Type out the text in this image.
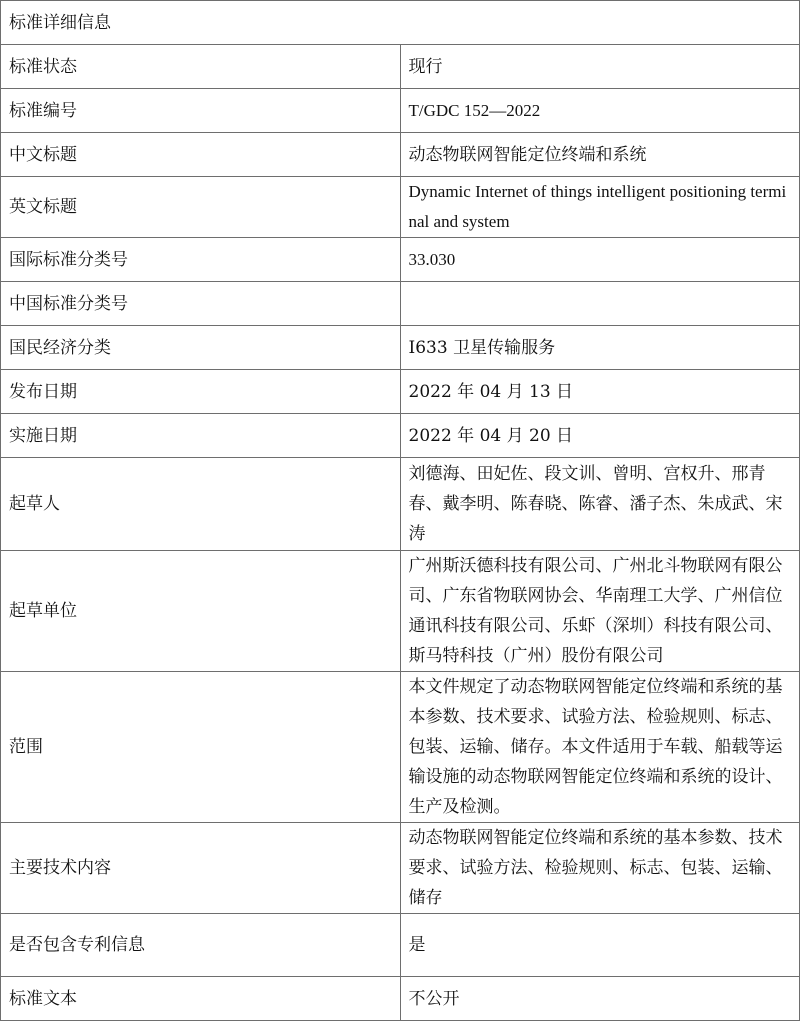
标准详细信息	
标准状态	现行
标准编号	T/GDC 152—2022
中文标题	动态物联网智能定位终端和系统
英文标题	Dynamic Internet of things intelligent positioning terminal and system
国际标准分类号	33.030
中国标准分类号	
国民经济分类	I633 卫星传输服务
发布日期	2022 年 04 月 13 日
实施日期	2022 年 04 月 20 日
起草人	刘德海、田妃佐、段文训、曾明、宫权升、邢青春、戴李明、陈春晓、陈睿、潘子杰、朱成武、宋涛
起草单位	广州斯沃德科技有限公司、广州北斗物联网有限公司、广东省物联网协会、华南理工大学、广州信位通讯科技有限公司、乐虾（深圳）科技有限公司、斯马特科技（广州）股份有限公司
范围	本文件规定了动态物联网智能定位终端和系统的基本参数、技术要求、试验方法、检验规则、标志、包装、运输、储存。本文件适用于车载、船载等运输设施的动态物联网智能定位终端和系统的设计、生产及检测。
主要技术内容	动态物联网智能定位终端和系统的基本参数、技术要求、试验方法、检验规则、标志、包装、运输、储存
是否包含专利信息	是
标准文本	不公开
